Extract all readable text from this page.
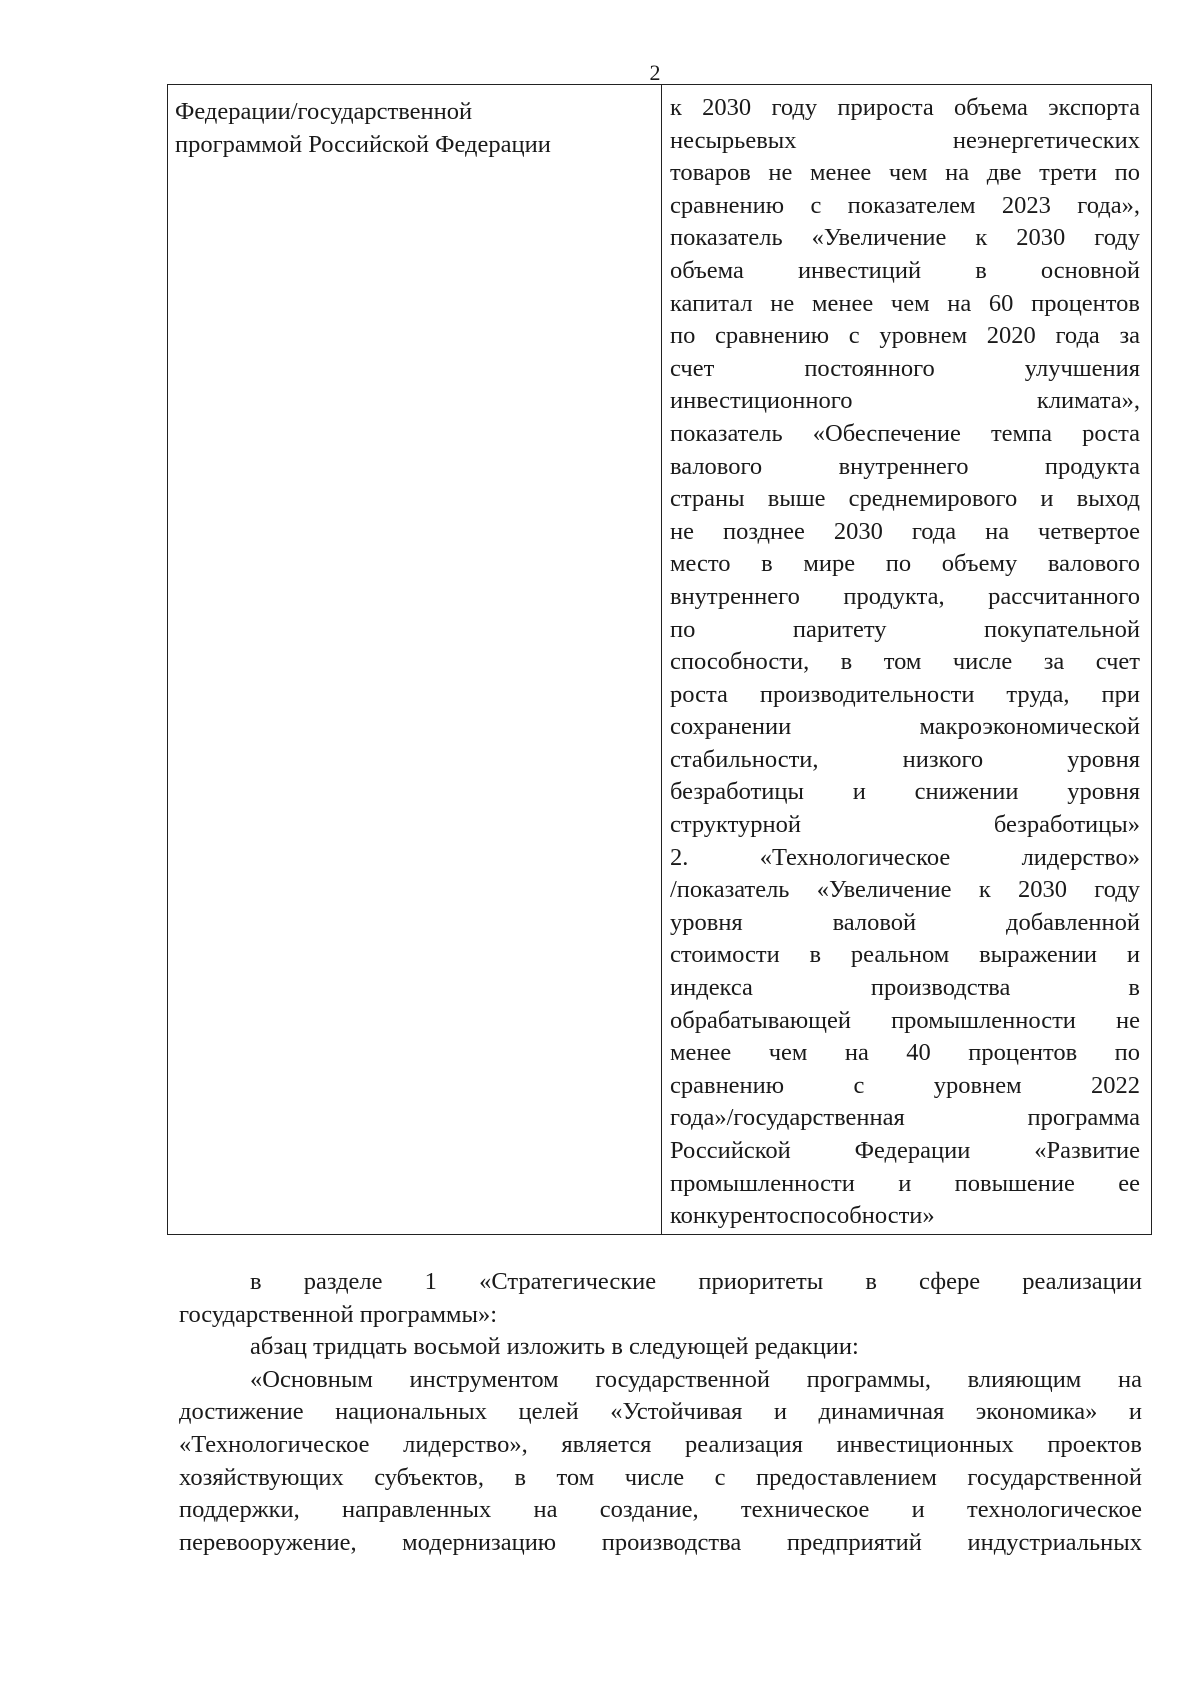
2
Федерации/государственной
программой Российской Федерации
к 2030 году прироста объема экспорта
несырьевых неэнергетических
товаров не менее чем на две трети по
сравнению с показателем 2023 года»,
показатель «Увеличение к 2030 году
объема инвестиций в основной
капитал не менее чем на 60 процентов
по сравнению с уровнем 2020 года за
счет постоянного улучшения
инвестиционного климата»,
показатель «Обеспечение темпа роста
валового внутреннего продукта
страны выше среднемирового и выход
не позднее 2030 года на четвертое
место в мире по объему валового
внутреннего продукта, рассчитанного
по паритету покупательной
способности, в том числе за счет
роста производительности труда, при
сохранении макроэкономической
стабильности, низкого уровня
безработицы и снижении уровня
структурной безработицы»
2. «Технологическое лидерство»
/показатель «Увеличение к 2030 году
уровня валовой добавленной
стоимости в реальном выражении и
индекса производства в
обрабатывающей промышленности не
менее чем на 40 процентов по
сравнению с уровнем 2022
года»/государственная программа
Российской Федерации «Развитие
промышленности и повышение ее
конкурентоспособности»
в разделе 1 «Стратегические приоритеты в сфере реализации
государственной программы»:
абзац тридцать восьмой изложить в следующей редакции:
«Основным инструментом государственной программы, влияющим на
достижение национальных целей «Устойчивая и динамичная экономика» и
«Технологическое лидерство», является реализация инвестиционных проектов
хозяйствующих субъектов, в том числе с предоставлением государственной
поддержки, направленных на создание, техническое и технологическое
перевооружение, модернизацию производства предприятий индустриальных
